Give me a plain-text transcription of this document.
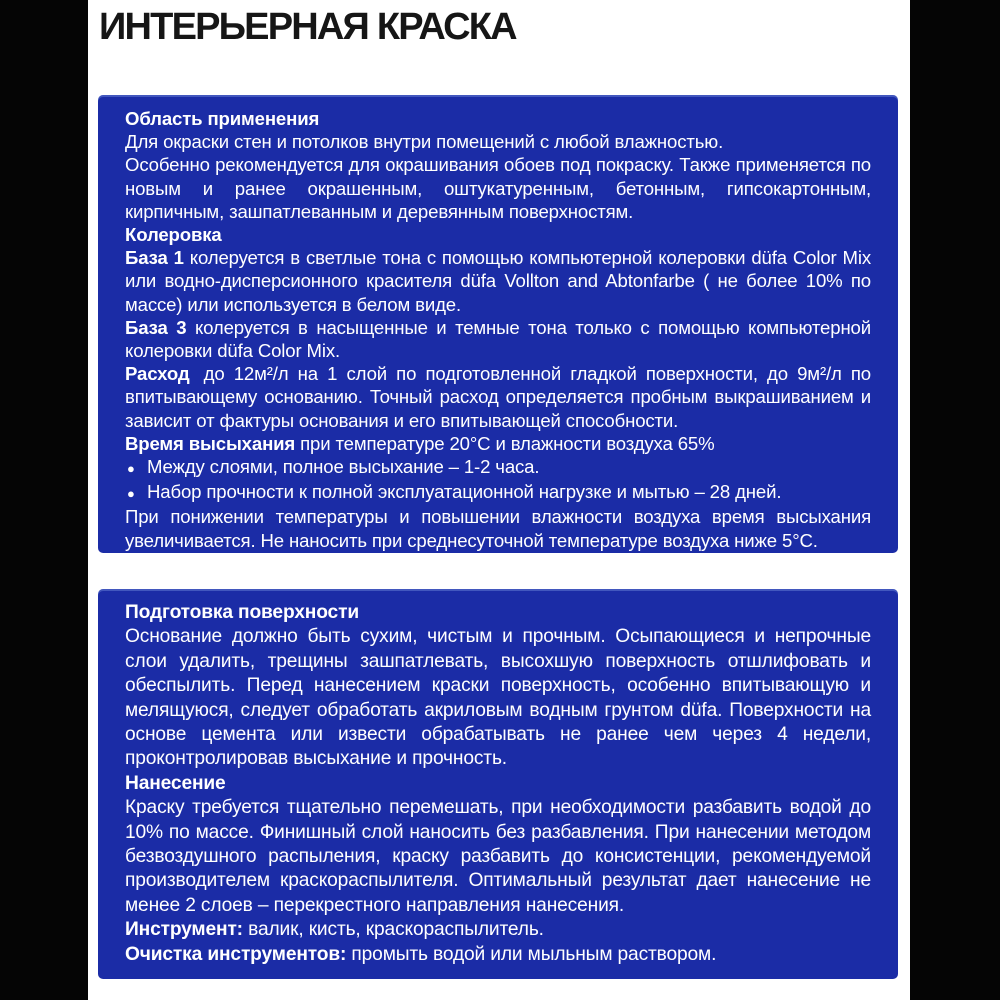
ИНТЕРЬЕРНАЯ КРАСКА
Область применения

Для окраски стен и потолков внутри помещений с любой влажностью.

Особенно рекомендуется для окрашивания обоев под покраску. Также применяется по новым и ранее окрашенным, оштукатуренным, бетонным, гипсокартонным, кирпичным, зашпатлеванным и деревянным поверхностям.

Колеровка

База 1 колеруется в светлые тона с помощью компьютерной колеровки düfa Color Mix или водно-дисперсионного красителя düfa Vollton and Abtonfarbe ( не более 10% по массе) или используется в белом виде.

База 3 колеруется в насыщенные и темные тона только с помощью компьютерной колеровки düfa Color Mix.

Расход до 12м²/л на 1 слой по подготовленной гладкой поверхности, до 9м²/л по впитывающему основанию. Точный расход определяется пробным выкрашиванием и зависит от фактуры основания и его впитывающей способности.

Время высыхания при температуре 20°С и влажности воздуха 65%

● Между слоями, полное высыхание – 1-2 часа.
● Набор прочности к полной эксплуатационной нагрузке и мытью – 28 дней.

При понижении температуры и повышении влажности воздуха время высыхания увеличивается. Не наносить при среднесуточной температуре воздуха ниже 5°С.

Подготовка поверхности

Основание должно быть сухим, чистым и прочным. Осыпающиеся и непрочные слои удалить, трещины зашпатлевать, высохшую поверхность отшлифовать и обеспылить. Перед нанесением краски поверхность, особенно впитывающую и мелящуюся, следует обработать акриловым водным грунтом düfa. Поверхности на основе цемента или извести обрабатывать не ранее чем через 4 недели, проконтролировав высыхание и прочность.

Нанесение

Краску требуется тщательно перемешать, при необходимости разбавить водой до 10% по массе. Финишный слой наносить без разбавления. При нанесении методом безвоздушного распыления, краску разбавить до консистенции, рекомендуемой производителем краскораспылителя. Оптимальный результат дает нанесение не менее 2 слоев – перекрестного направления нанесения.

Инструмент: валик, кисть, краскораспылитель.

Очистка инструментов: промыть водой или мыльным раствором.
